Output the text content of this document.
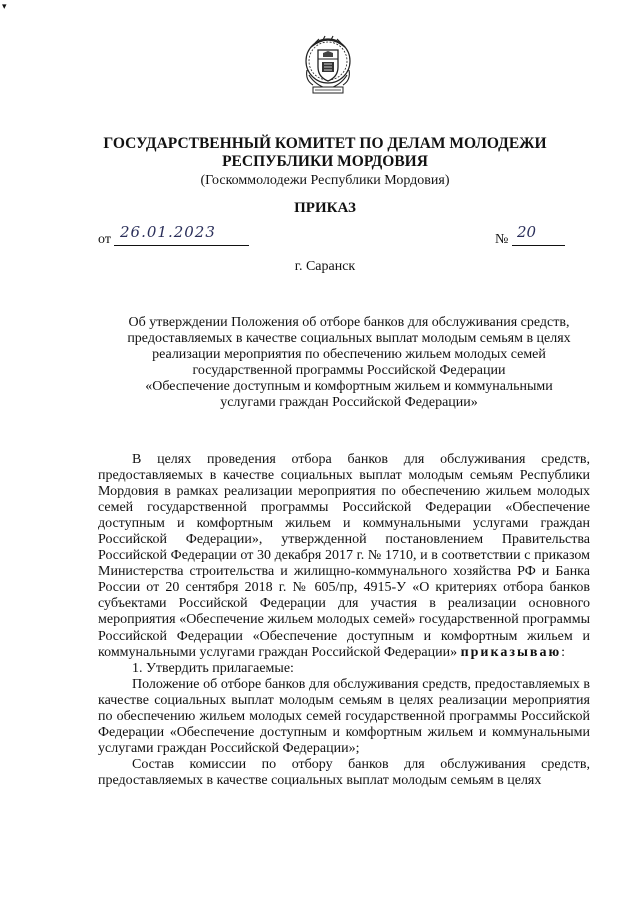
▾
ГОСУДАРСТВЕННЫЙ КОМИТЕТ ПО ДЕЛАМ МОЛОДЕЖИ
РЕСПУБЛИКИ МОРДОВИЯ
(Госкоммолодежи Республики Мордовия)
ПРИКАЗ
от 26.01.2023	№ 20
г. Саранск
Об утверждении Положения об отборе банков для обслуживания средств,
предоставляемых в качестве социальных выплат молодым семьям в целях
реализации мероприятия по обеспечению жильем молодых семей
государственной программы Российской Федерации
«Обеспечение доступным и комфортным жильем и коммунальными
услугами граждан Российской Федерации»

В целях проведения отбора банков для обслуживания средств, предоставляемых в качестве социальных выплат молодым семьям Республики Мордовия в рамках реализации мероприятия по обеспечению жильем молодых семей государственной программы Российской Федерации «Обеспечение доступным и комфортным жильем и коммунальными услугами граждан Российской Федерации», утвержденной постановлением Правительства Российской Федерации от 30 декабря 2017 г. № 1710, и в соответствии с приказом Министерства строительства и жилищно-коммунального хозяйства РФ и Банка России от 20 сентября 2018 г. № 605/пр, 4915-У «О критериях отбора банков субъектами Российской Федерации для участия в реализации основного мероприятия «Обеспечение жильем молодых семей» государственной программы Российской Федерации «Обеспечение доступным и комфортным жильем и коммунальными услугами граждан Российской Федерации» приказываю:

1. Утвердить прилагаемые:

Положение об отборе банков для обслуживания средств, предоставляемых в качестве социальных выплат молодым семьям в целях реализации мероприятия по обеспечению жильем молодых семей государственной программы Российской Федерации «Обеспечение доступным и комфортным жильем и коммунальными услугами граждан Российской Федерации»;

Состав комиссии по отбору банков для обслуживания средств, предоставляемых в качестве социальных выплат молодым семьям в целях
